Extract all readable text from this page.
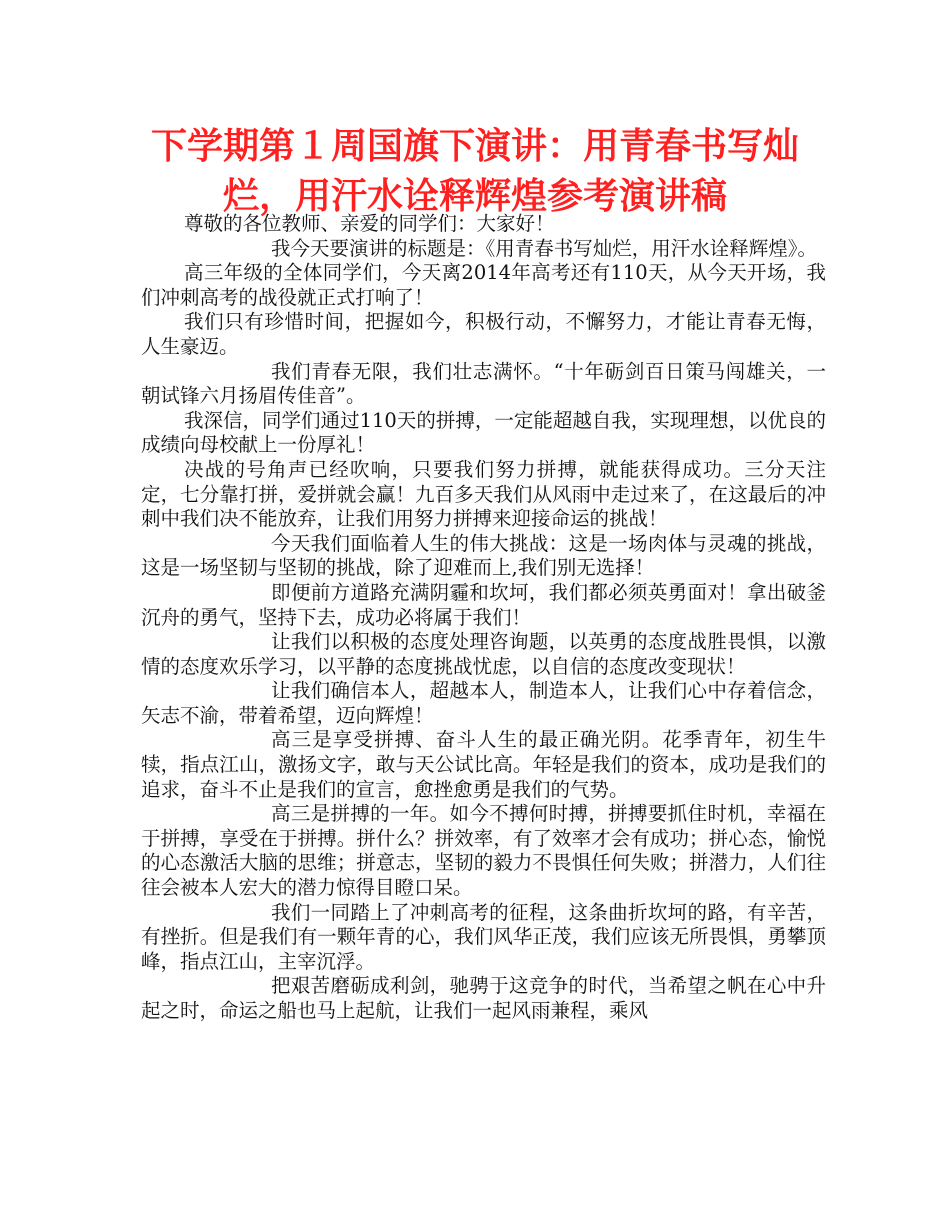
下学期第１周国旗下演讲：用青春书写灿烂，用汗水诠释辉煌参考演讲稿

尊敬的各位教师、亲爱的同学们：大家好！

我今天要演讲的标题是：《用青春书写灿烂，用汗水诠释辉煌》。

高三年级的全体同学们，今天离2014年高考还有110天，从今天开场，我们冲刺高考的战役就正式打响了！

我们只有珍惜时间，把握如今，积极行动，不懈努力，才能让青春无悔，人生豪迈。

我们青春无限，我们壮志满怀。“十年砺剑百日策马闯雄关，一朝试锋六月扬眉传佳音”。

我深信，同学们通过110天的拼搏，一定能超越自我，实现理想，以优良的成绩向母校献上一份厚礼！

决战的号角声已经吹响，只要我们努力拼搏，就能获得成功。三分天注定，七分靠打拼，爱拼就会赢！九百多天我们从风雨中走过来了，在这最后的冲刺中我们决不能放弃，让我们用努力拼搏来迎接命运的挑战！

今天我们面临着人生的伟大挑战：这是一场肉体与灵魂的挑战，这是一场坚韧与坚韧的挑战，除了迎难而上,我们别无选择！

即便前方道路充满阴霾和坎坷，我们都必须英勇面对！拿出破釜沉舟的勇气，坚持下去，成功必将属于我们！

让我们以积极的态度处理咨询题，以英勇的态度战胜畏惧，以激情的态度欢乐学习，以平静的态度挑战忧虑，以自信的态度改变现状！

让我们确信本人，超越本人，制造本人，让我们心中存着信念，矢志不渝，带着希望，迈向辉煌！

高三是享受拼搏、奋斗人生的最正确光阴。花季青年，初生牛犊，指点江山，激扬文字，敢与天公试比高。年轻是我们的资本，成功是我们的追求，奋斗不止是我们的宣言，愈挫愈勇是我们的气势。

高三是拼搏的一年。如今不搏何时搏，拼搏要抓住时机，幸福在于拼搏，享受在于拼搏。拼什么？拼效率，有了效率才会有成功；拼心态，愉悦的心态激活大脑的思维；拼意志，坚韧的毅力不畏惧任何失败；拼潜力，人们往往会被本人宏大的潜力惊得目瞪口呆。

我们一同踏上了冲刺高考的征程，这条曲折坎坷的路，有辛苦，有挫折。但是我们有一颗年青的心，我们风华正茂，我们应该无所畏惧，勇攀顶峰，指点江山，主宰沉浮。

把艰苦磨砺成利剑，驰骋于这竞争的时代，当希望之帆在心中升起之时，命运之船也马上起航，让我们一起风雨兼程，乘风
